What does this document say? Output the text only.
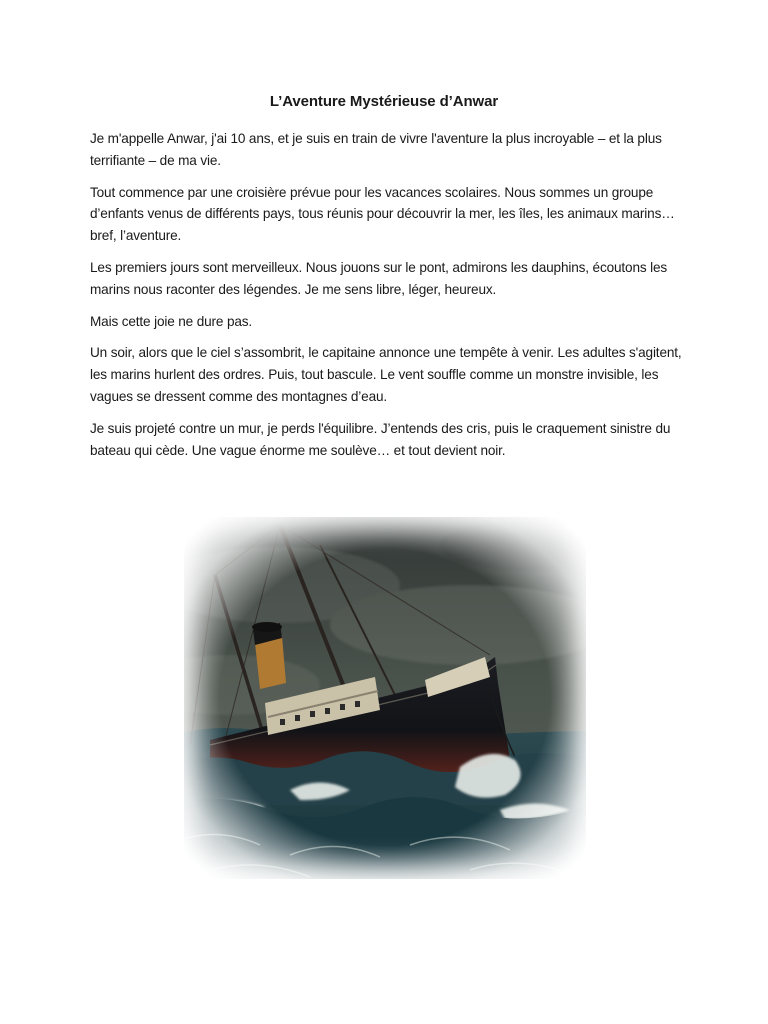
L’Aventure Mystérieuse d’Anwar

Je m'appelle Anwar, j'ai 10 ans, et je suis en train de vivre l'aventure la plus incroyable – et la plus terrifiante – de ma vie.

Tout commence par une croisière prévue pour les vacances scolaires. Nous sommes un groupe d’enfants venus de différents pays, tous réunis pour découvrir la mer, les îles, les animaux marins… bref, l’aventure.

Les premiers jours sont merveilleux. Nous jouons sur le pont, admirons les dauphins, écoutons les marins nous raconter des légendes. Je me sens libre, léger, heureux.

Mais cette joie ne dure pas.

Un soir, alors que le ciel s’assombrit, le capitaine annonce une tempête à venir. Les adultes s'agitent, les marins hurlent des ordres. Puis, tout bascule. Le vent souffle comme un monstre invisible, les vagues se dressent comme des montagnes d’eau.

Je suis projeté contre un mur, je perds l'équilibre. J’entends des cris, puis le craquement sinistre du bateau qui cède. Une vague énorme me soulève… et tout devient noir.
